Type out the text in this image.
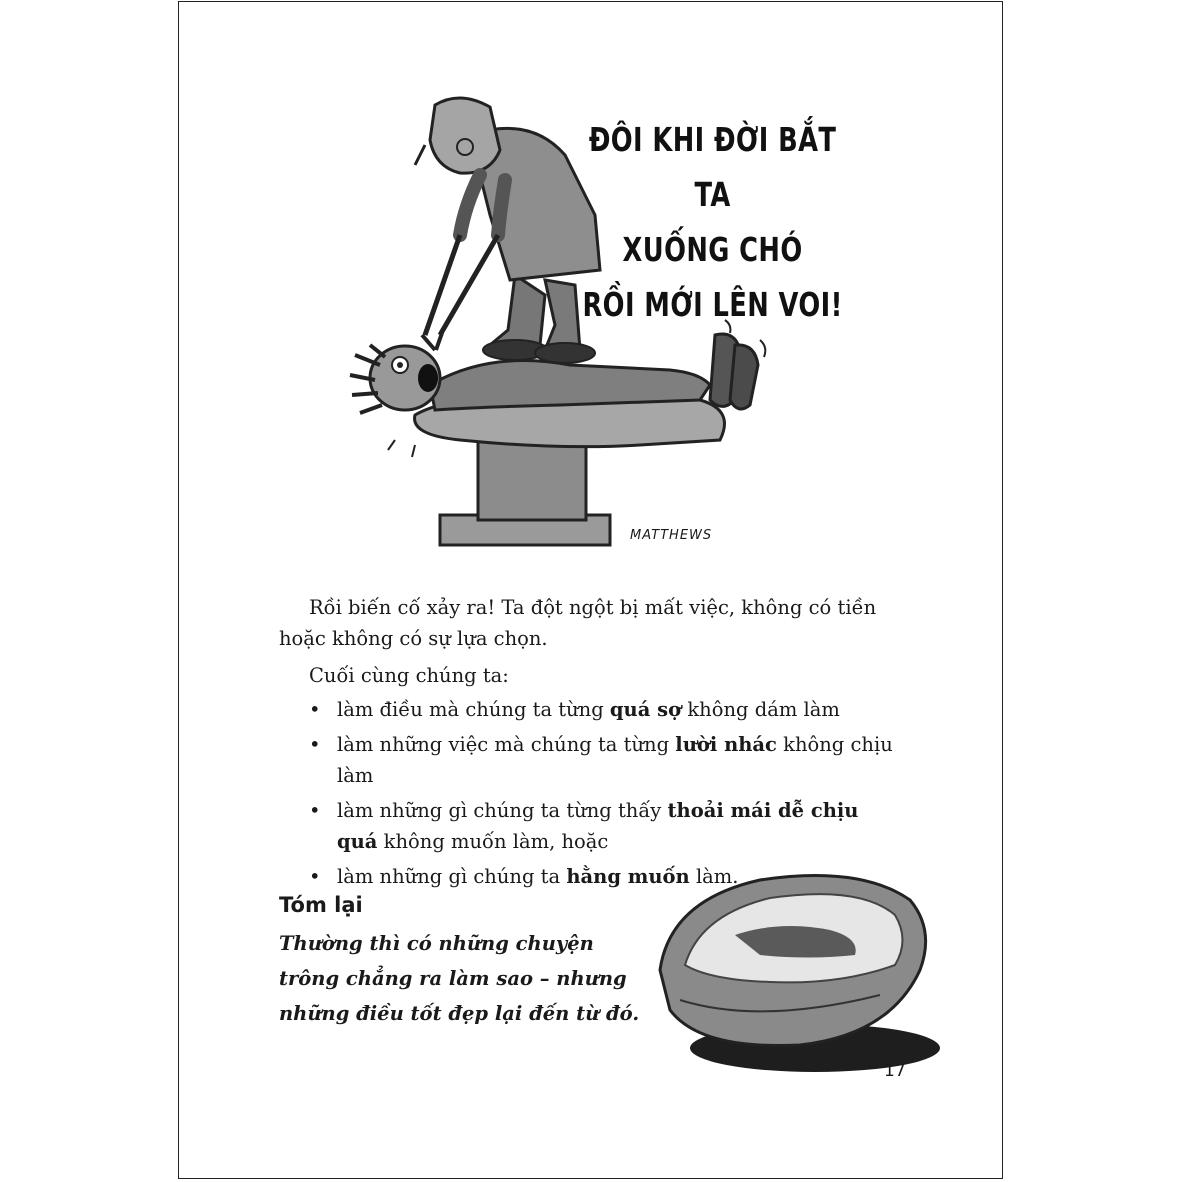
ĐÔI KHI ĐỜI BẮT TA
XUỐNG CHÓ
RỒI MỚI LÊN VOI!
MATTHEWS

Rồi biến cố xảy ra! Ta đột ngột bị mất việc, không có tiền hoặc không có sự lựa chọn.

Cuối cùng chúng ta:

• làm điều mà chúng ta từng quá sợ không dám làm
• làm những việc mà chúng ta từng lười nhác không chịu làm
• làm những gì chúng ta từng thấy thoải mái dễ chịu quá không muốn làm, hoặc
• làm những gì chúng ta hằng muốn làm.
Tóm lại
Thường thì có những chuyện trông chẳng ra làm sao – nhưng những điều tốt đẹp lại đến từ đó.
17
